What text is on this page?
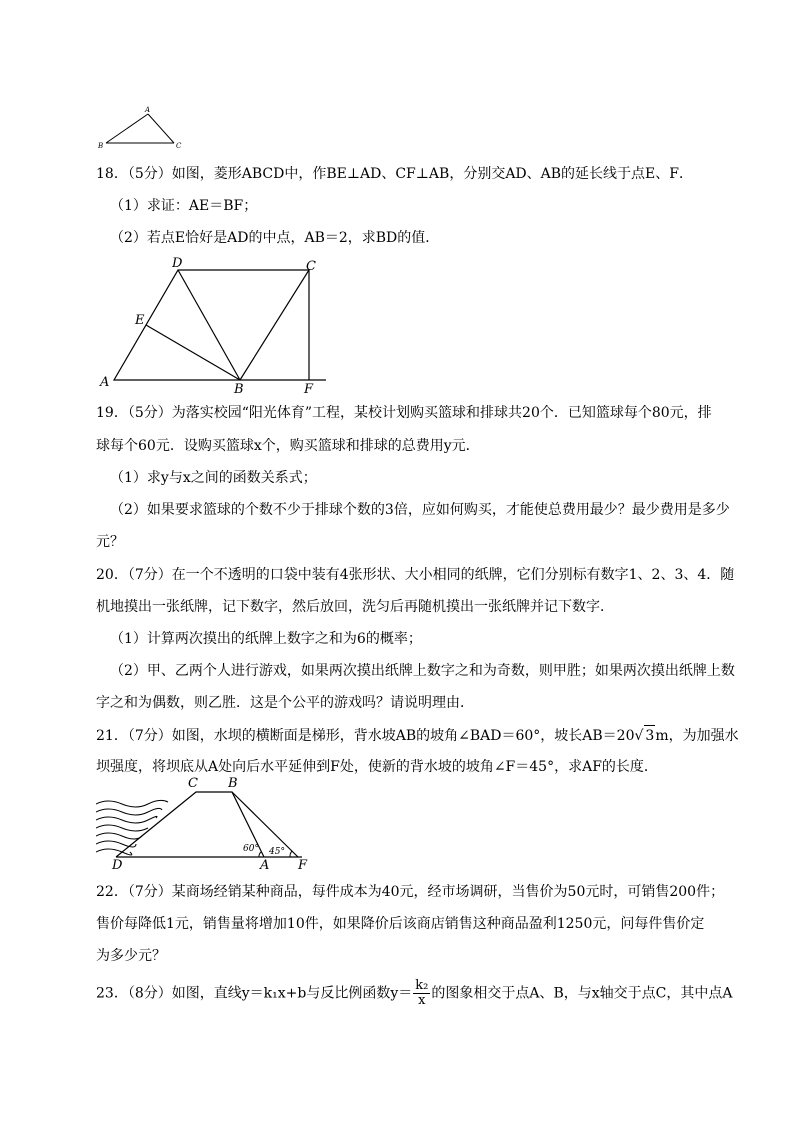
A
B	C
18．（5分）如图，菱形ABCD中，作BE⊥AD、CF⊥AB，分别交AD、AB的延长线于点E、F．
（1）求证：AE＝BF；
（2）若点E恰好是AD的中点，AB＝2，求BD的值．
D	C
E
A	B	F
19．（5分）为落实校园“阳光体育”工程，某校计划购买篮球和排球共20个．已知篮球每个80元，排
球每个60元．设购买篮球x个，购买篮球和排球的总费用y元．
（1）求y与x之间的函数关系式；
（2）如果要求篮球的个数不少于排球个数的3倍，应如何购买，才能使总费用最少？最少费用是多少
元？
20．（7分）在一个不透明的口袋中装有4张形状、大小相同的纸牌，它们分别标有数字1、2、3、4．随
机地摸出一张纸牌，记下数字，然后放回，洗匀后再随机摸出一张纸牌并记下数字．
（1）计算两次摸出的纸牌上数字之和为6的概率；
（2）甲、乙两个人进行游戏，如果两次摸出纸牌上数字之和为奇数，则甲胜；如果两次摸出纸牌上数
字之和为偶数，则乙胜．这是个公平的游戏吗？请说明理由．
21．（7分）如图，水坝的横断面是梯形，背水坡AB的坡角∠BAD＝60°，坡长AB＝20√ 3m，为加强水
坝强度，将坝底从A处向后水平延伸到F处，使新的背水坡的坡角∠F＝45°，求AF的长度．
C B
D	A F
60° 45°
22．（7分）某商场经销某种商品，每件成本为40元，经市场调研，当售价为50元时，可销售200件；
售价每降低1元，销售量将增加10件，如果降价后该商店销售这种商品盈利1250元，问每件售价定
为多少元？
23．（8分）如图，直线y＝k₁x+b与反比例函数$y= \frac{\text{k₂}}{x}$ 的图象相交于点A、B，与x轴交于点C，其中点A
